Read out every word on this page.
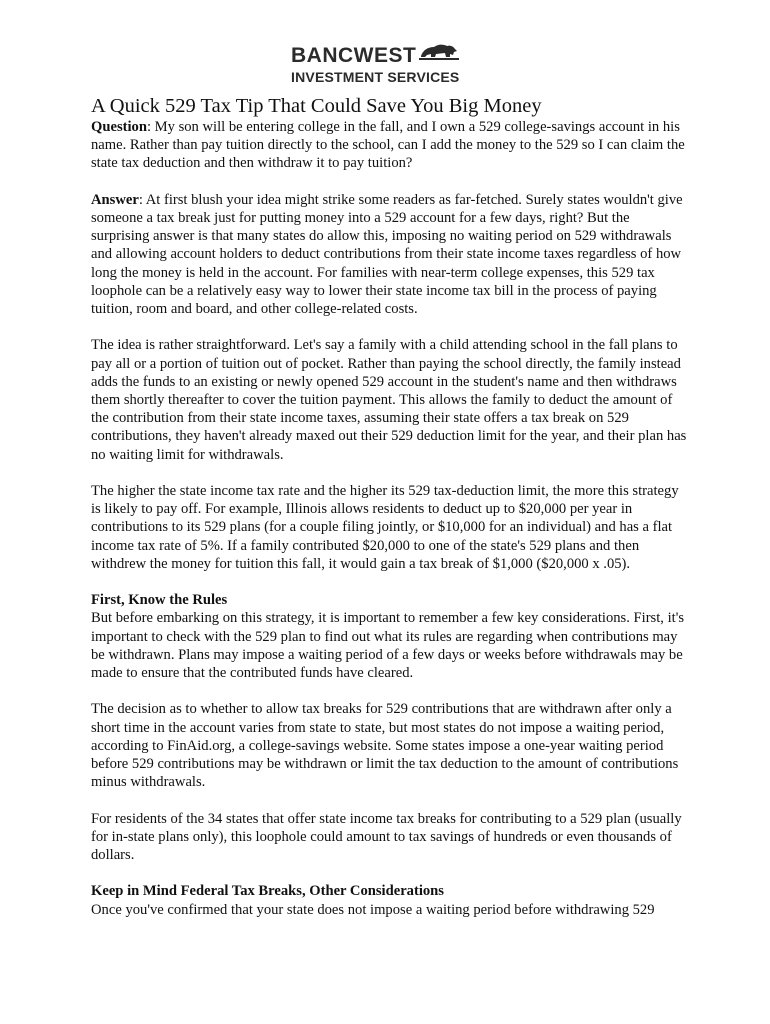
BANCWEST
INVESTMENT SERVICES
A Quick 529 Tax Tip That Could Save You Big Money

Question: My son will be entering college in the fall, and I own a 529 college-savings account in his name. Rather than pay tuition directly to the school, can I add the money to the 529 so I can claim the state tax deduction and then withdraw it to pay tuition?

Answer: At first blush your idea might strike some readers as far-fetched. Surely states wouldn't give someone a tax break just for putting money into a 529 account for a few days, right? But the surprising answer is that many states do allow this, imposing no waiting period on 529 withdrawals and allowing account holders to deduct contributions from their state income taxes regardless of how long the money is held in the account. For families with near-term college expenses, this 529 tax loophole can be a relatively easy way to lower their state income tax bill in the process of paying tuition, room and board, and other college-related costs.

The idea is rather straightforward. Let's say a family with a child attending school in the fall plans to pay all or a portion of tuition out of pocket. Rather than paying the school directly, the family instead adds the funds to an existing or newly opened 529 account in the student's name and then withdraws them shortly thereafter to cover the tuition payment. This allows the family to deduct the amount of the contribution from their state income taxes, assuming their state offers a tax break on 529 contributions, they haven't already maxed out their 529 deduction limit for the year, and their plan has no waiting limit for withdrawals.

The higher the state income tax rate and the higher its 529 tax-deduction limit, the more this strategy is likely to pay off. For example, Illinois allows residents to deduct up to $20,000 per year in contributions to its 529 plans (for a couple filing jointly, or $10,000 for an individual) and has a flat income tax rate of 5%. If a family contributed $20,000 to one of the state's 529 plans and then withdrew the money for tuition this fall, it would gain a tax break of $1,000 ($20,000 x .05).

First, Know the Rules
But before embarking on this strategy, it is important to remember a few key considerations. First, it's important to check with the 529 plan to find out what its rules are regarding when contributions may be withdrawn. Plans may impose a waiting period of a few days or weeks before withdrawals may be made to ensure that the contributed funds have cleared.

The decision as to whether to allow tax breaks for 529 contributions that are withdrawn after only a short time in the account varies from state to state, but most states do not impose a waiting period, according to FinAid.org, a college-savings website. Some states impose a one-year waiting period before 529 contributions may be withdrawn or limit the tax deduction to the amount of contributions minus withdrawals.

For residents of the 34 states that offer state income tax breaks for contributing to a 529 plan (usually for in-state plans only), this loophole could amount to tax savings of hundreds or even thousands of dollars.

Keep in Mind Federal Tax Breaks, Other Considerations
Once you've confirmed that your state does not impose a waiting period before withdrawing 529
